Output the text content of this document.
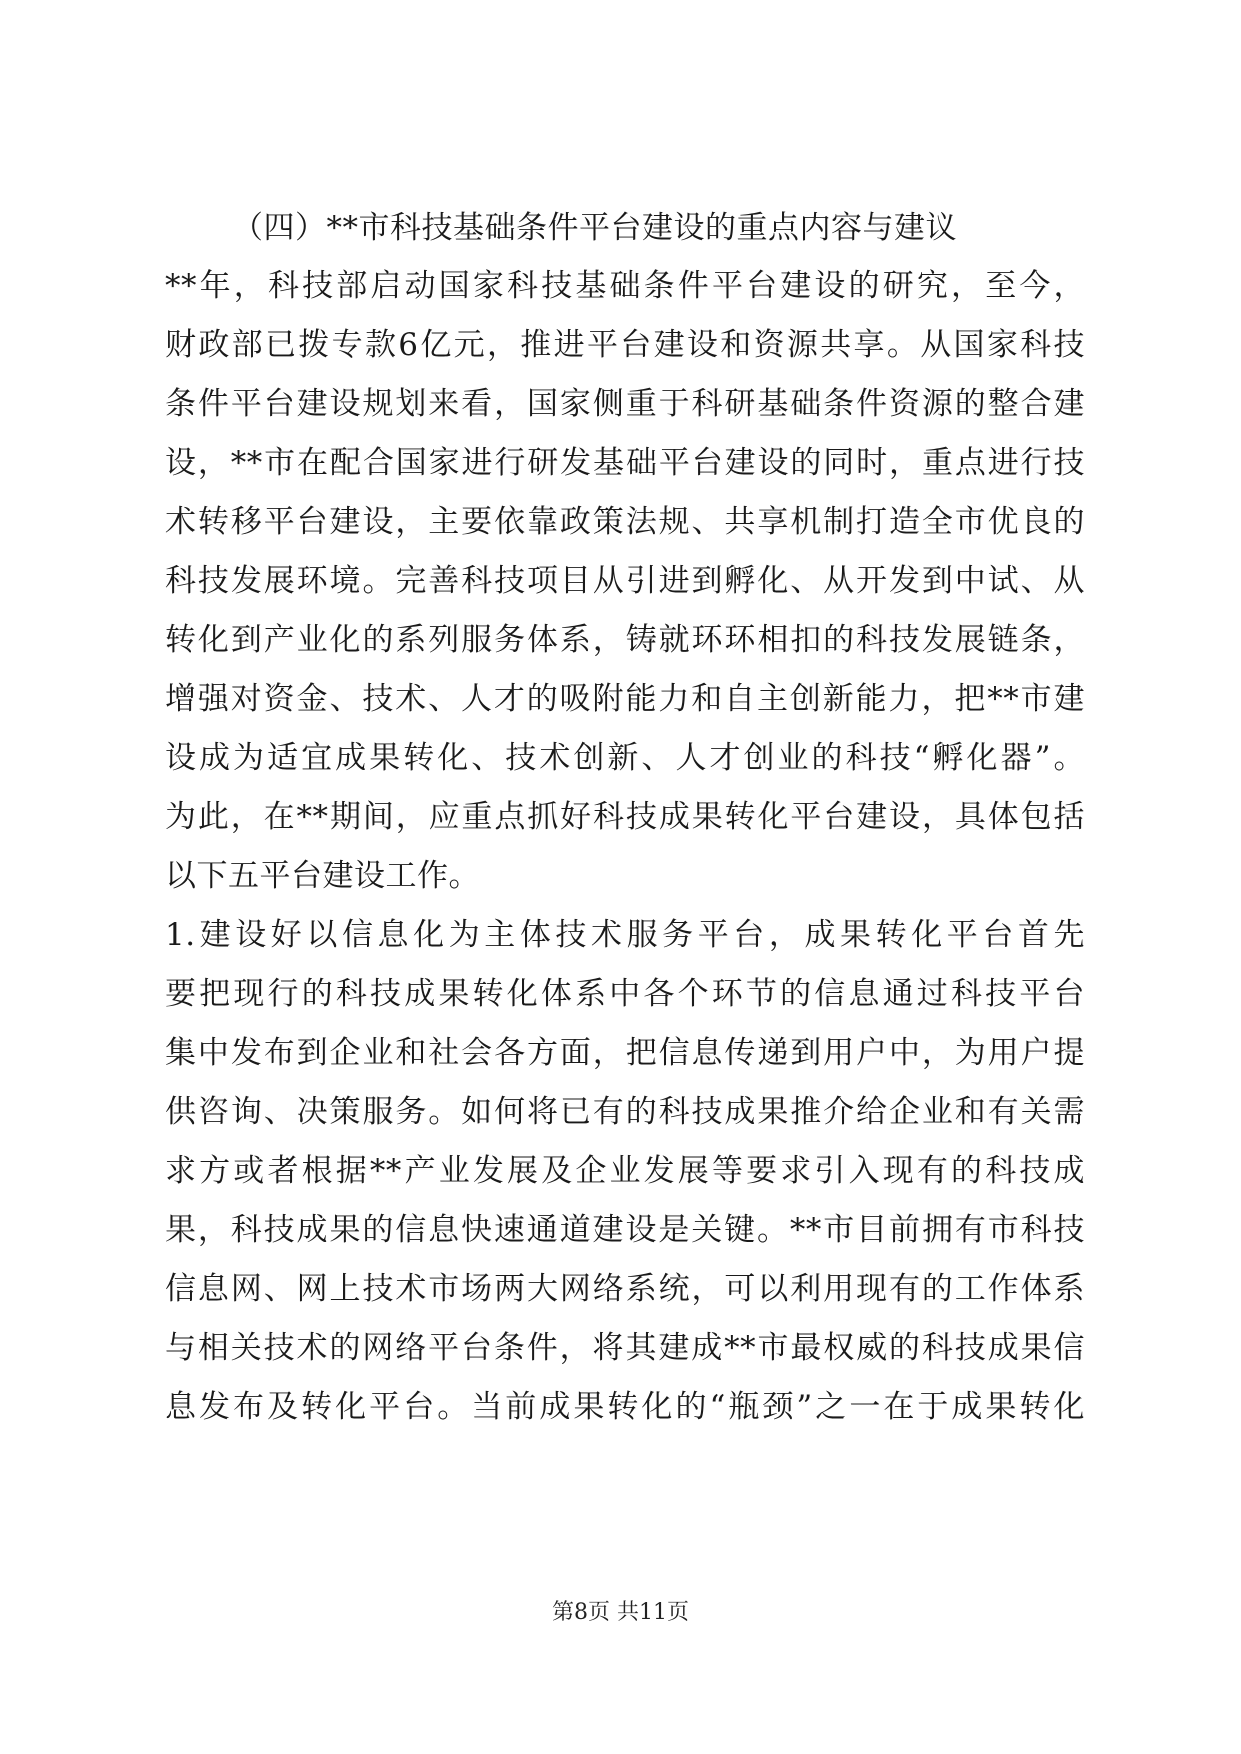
（四）**市科技基础条件平台建设的重点内容与建议
**年，科技部启动国家科技基础条件平台建设的研究，至今，
财政部已拨专款6亿元，推进平台建设和资源共享。从国家科技
条件平台建设规划来看，国家侧重于科研基础条件资源的整合建
设，**市在配合国家进行研发基础平台建设的同时，重点进行技
术转移平台建设，主要依靠政策法规、共享机制打造全市优良的
科技发展环境。完善科技项目从引进到孵化、从开发到中试、从
转化到产业化的系列服务体系，铸就环环相扣的科技发展链条，
增强对资金、技术、人才的吸附能力和自主创新能力，把**市建
设成为适宜成果转化、技术创新、人才创业的科技“孵化器”。
为此，在**期间，应重点抓好科技成果转化平台建设，具体包括
以下五平台建设工作。
1.建设好以信息化为主体技术服务平台，成果转化平台首先
要把现行的科技成果转化体系中各个环节的信息通过科技平台
集中发布到企业和社会各方面，把信息传递到用户中，为用户提
供咨询、决策服务。如何将已有的科技成果推介给企业和有关需
求方或者根据**产业发展及企业发展等要求引入现有的科技成
果，科技成果的信息快速通道建设是关键。**市目前拥有市科技
信息网、网上技术市场两大网络系统，可以利用现有的工作体系
与相关技术的网络平台条件，将其建成**市最权威的科技成果信
息发布及转化平台。当前成果转化的“瓶颈”之一在于成果转化
第8页 共11页
